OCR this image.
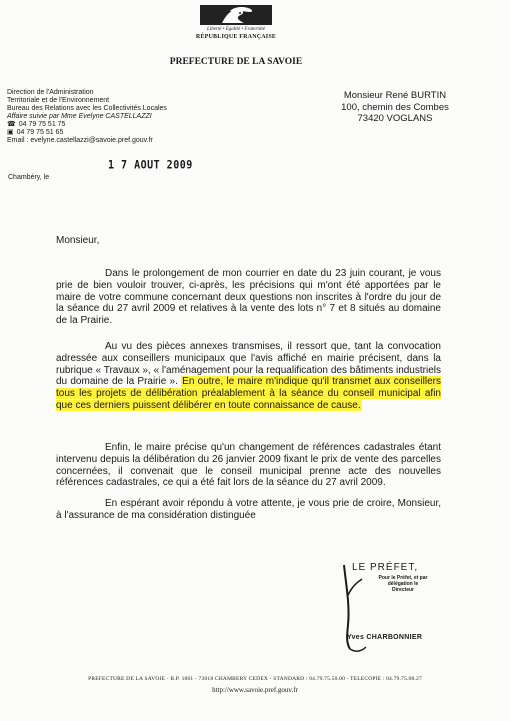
Liberté • Égalité • Fraternité
RÉPUBLIQUE FRANÇAISE
PREFECTURE DE LA SAVOIE
Direction de l'Administration
Territoriale et de l'Environnement
Bureau des Relations avec les Collectivités Locales
Affaire suivie par Mme Evelyne CASTELLAZZI
☎ 04 79 75 51 75
▣ 04 79 75 51 65
Email : evelyne.castellazzi@savoie.pref.gouv.fr
Monsieur René BURTIN
100, chemin des Combes
73420 VOGLANS
1 7 AOUT 2009
Chambéry, le
Monsieur,
Dans le prolongement de mon courrier en date du 23 juin courant, je vous prie de bien vouloir trouver, ci-après, les précisions qui m'ont été apportées par le maire de votre commune concernant deux questions non inscrites à l'ordre du jour de la séance du 27 avril 2009 et relatives à la vente des lots n° 7 et 8 situés au domaine de la Prairie.
Au vu des pièces annexes transmises, il ressort que, tant la convocation adressée aux conseillers municipaux que l'avis affiché en mairie précisent, dans la rubrique « Travaux », « l'aménagement pour la requalification des bâtiments industriels du domaine de la Prairie ». En outre, le maire m'indique qu'il transmet aux conseillers tous les projets de délibération préalablement à la séance du conseil municipal afin que ces derniers puissent délibérer en toute connaissance de cause.
Enfin, le maire précise qu'un changement de références cadastrales étant intervenu depuis la délibération du 26 janvier 2009 fixant le prix de vente des parcelles concernées, il convenait que le conseil municipal prenne acte des nouvelles références cadastrales, ce qui a été fait lors de la séance du 27 avril 2009.
En espérant avoir répondu à votre attente, je vous prie de croire, Monsieur, à l'assurance de ma considération distinguée
LE PRÉFET,
Pour le Préfet, et par délégation le Directeur
Yves CHARBONNIER
PREFECTURE DE LA SAVOIE - B.P. 1801 - 73018 CHAMBERY CEDEX - STANDARD : 04.79.75.50.00 - TELECOPIE : 04.79.75.08.27
http://www.savoie.pref.gouv.fr
